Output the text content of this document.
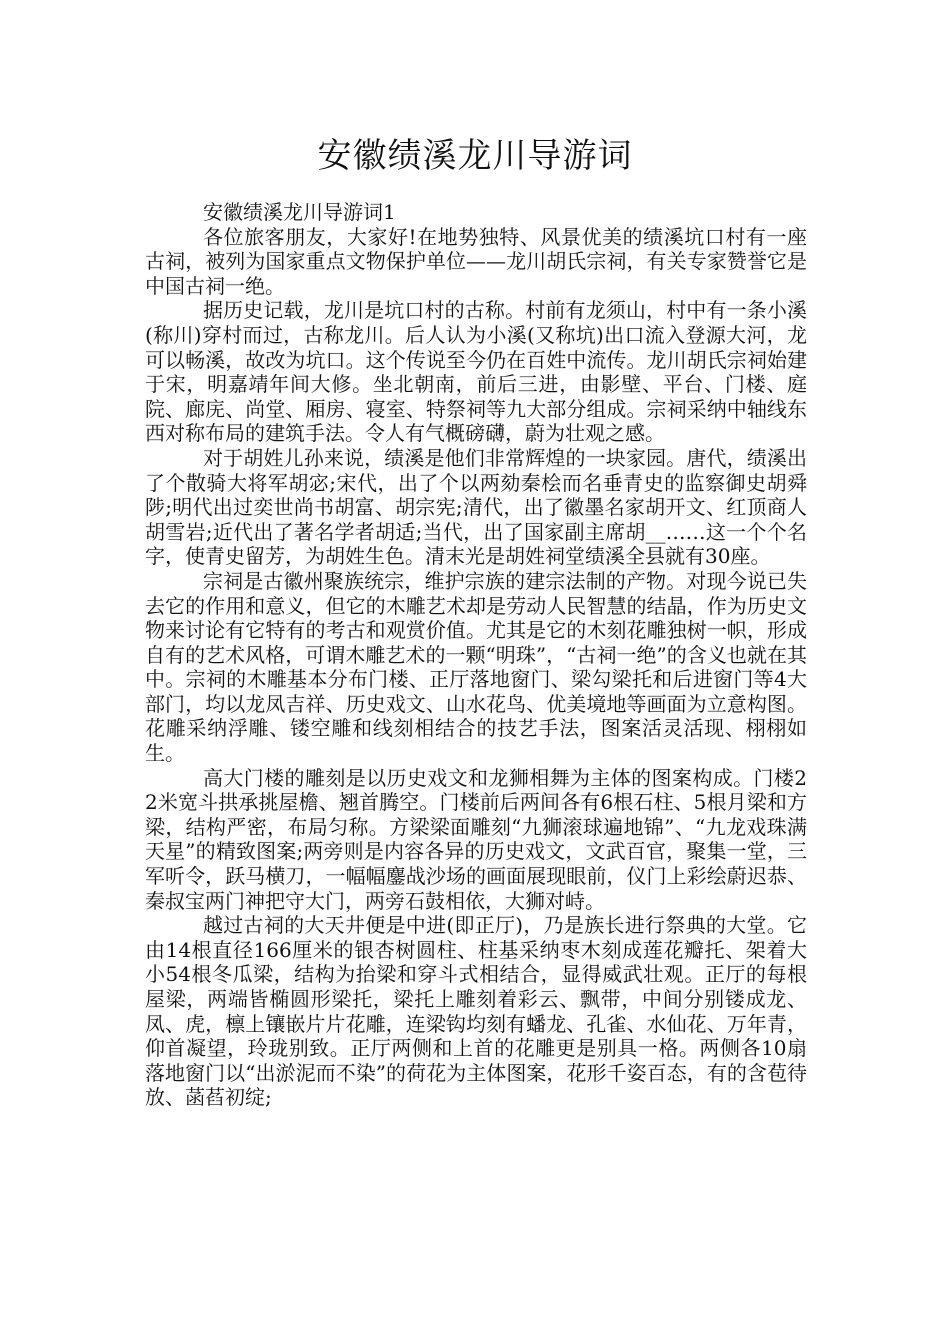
安徽绩溪龙川导游词

安徽绩溪龙川导游词1

各位旅客朋友，大家好!在地势独特、风景优美的绩溪坑口村有一座古祠，被列为国家重点文物保护单位——龙川胡氏宗祠，有关专家赞誉它是中国古祠一绝。

据历史记载，龙川是坑口村的古称。村前有龙须山，村中有一条小溪(称川)穿村而过，古称龙川。后人认为小溪(又称坑)出口流入登源大河，龙可以畅溪，故改为坑口。这个传说至今仍在百姓中流传。龙川胡氏宗祠始建于宋，明嘉靖年间大修。坐北朝南，前后三进，由影壁、平台、门楼、庭院、廊庑、尚堂、厢房、寝室、特祭祠等九大部分组成。宗祠采纳中轴线东西对称布局的建筑手法。令人有气概磅礴，蔚为壮观之感。

对于胡姓儿孙来说，绩溪是他们非常辉煌的一块家园。唐代，绩溪出了个散骑大将军胡宓;宋代，出了个以两劾秦桧而名垂青史的监察御史胡舜陟;明代出过奕世尚书胡富、胡宗宪;清代，出了徽墨名家胡开文、红顶商人胡雪岩;近代出了著名学者胡适;当代，出了国家副主席胡__……这一个个名字，使青史留芳，为胡姓生色。清末光是胡姓祠堂绩溪全县就有30座。

宗祠是古徽州聚族统宗，维护宗族的建宗法制的产物。对现今说已失去它的作用和意义，但它的木雕艺术却是劳动人民智慧的结晶，作为历史文物来讨论有它特有的考古和观赏价值。尤其是它的木刻花雕独树一帜，形成自有的艺术风格，可谓木雕艺术的一颗“明珠”，“古祠一绝”的含义也就在其中。宗祠的木雕基本分布门楼、正厅落地窗门、梁勾梁托和后进窗门等4大部门，均以龙凤吉祥、历史戏文、山水花鸟、优美境地等画面为立意构图。花雕采纳浮雕、镂空雕和线刻相结合的技艺手法，图案活灵活现、栩栩如生。

高大门楼的雕刻是以历史戏文和龙狮相舞为主体的图案构成。门楼22米宽斗拱承挑屋檐、翘首腾空。门楼前后两间各有6根石柱、5根月梁和方梁，结构严密，布局匀称。方梁梁面雕刻“九狮滚球遍地锦”、“九龙戏珠满天星”的精致图案;两旁则是内容各异的历史戏文，文武百官，聚集一堂，三军听令，跃马横刀，一幅幅鏖战沙场的画面展现眼前，仪门上彩绘蔚迟恭、秦叔宝两门神把守大门，两旁石鼓相依，大狮对峙。

越过古祠的大天井便是中进(即正厅)，乃是族长进行祭典的大堂。它由14根直径166厘米的银杏树圆柱、柱基采纳枣木刻成莲花瓣托、架着大小54根冬瓜梁，结构为抬梁和穿斗式相结合，显得威武壮观。正厅的每根屋梁，两端皆椭圆形梁托，梁托上雕刻着彩云、飘带，中间分别镂成龙、凤、虎，檩上镶嵌片片花雕，连梁钩均刻有蟠龙、孔雀、水仙花、万年青，仰首凝望，玲珑别致。正厅两侧和上首的花雕更是别具一格。两侧各10扇落地窗门以“出淤泥而不染”的荷花为主体图案，花形千姿百态，有的含苞待放、菡萏初绽;
